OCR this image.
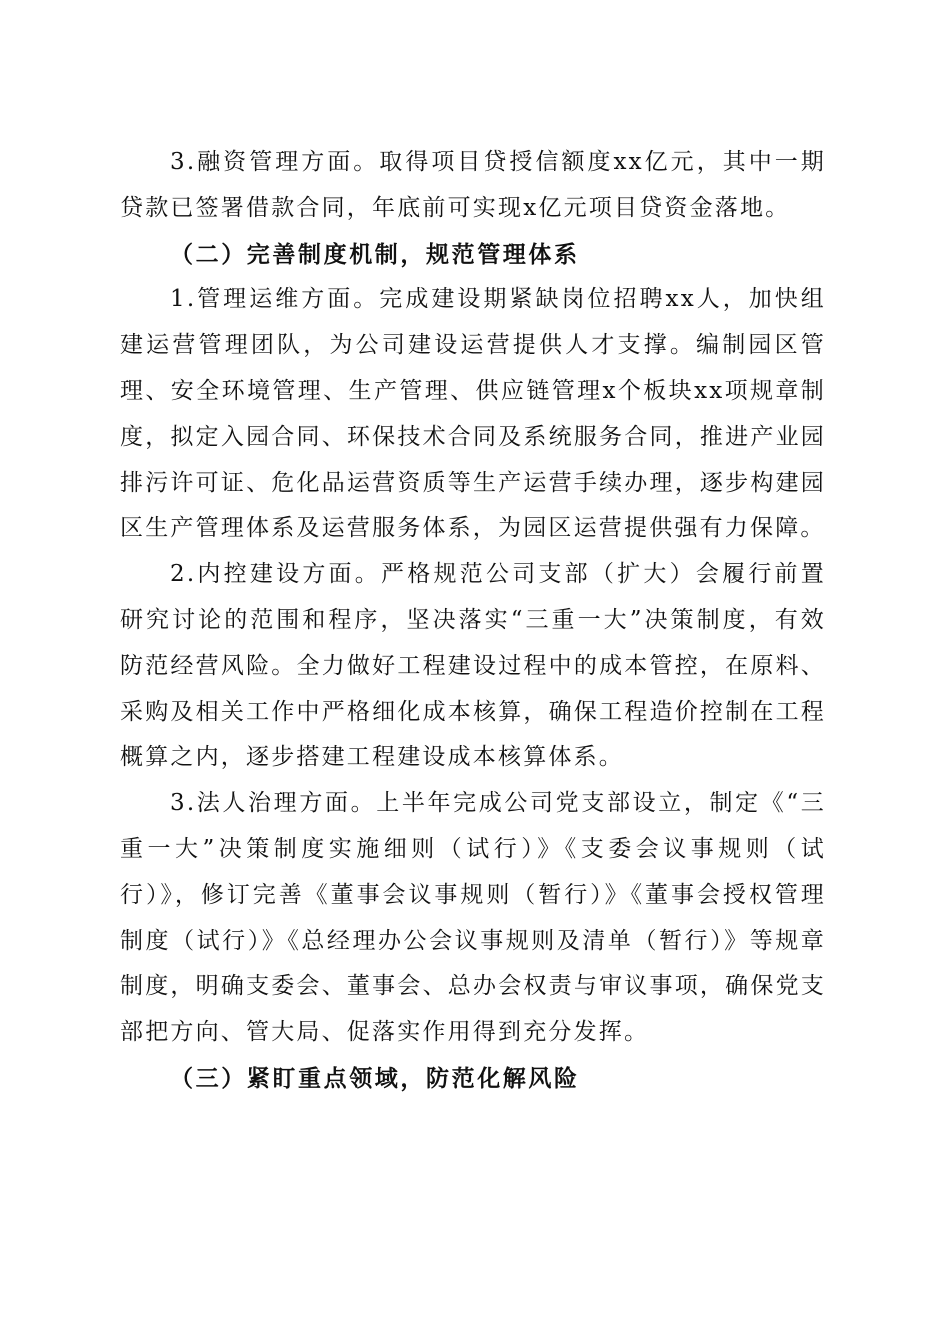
3.融资管理方面。取得项目贷授信额度xx亿元，其中一期贷款已签署借款合同，年底前可实现x亿元项目贷资金落地。

（二）完善制度机制，规范管理体系

1.管理运维方面。完成建设期紧缺岗位招聘xx人，加快组建运营管理团队，为公司建设运营提供人才支撑。编制园区管理、安全环境管理、生产管理、供应链管理x个板块xx项规章制度，拟定入园合同、环保技术合同及系统服务合同，推进产业园排污许可证、危化品运营资质等生产运营手续办理，逐步构建园区生产管理体系及运营服务体系，为园区运营提供强有力保障。

2.内控建设方面。严格规范公司支部（扩大）会履行前置研究讨论的范围和程序，坚决落实“三重一大”决策制度，有效防范经营风险。全力做好工程建设过程中的成本管控，在原料、采购及相关工作中严格细化成本核算，确保工程造价控制在工程概算之内，逐步搭建工程建设成本核算体系。

3.法人治理方面。上半年完成公司党支部设立，制定《“三重一大”决策制度实施细则（试行）》《支委会议事规则（试行）》，修订完善《董事会议事规则（暂行）》《董事会授权管理制度（试行）》《总经理办公会议事规则及清单（暂行）》等规章制度，明确支委会、董事会、总办会权责与审议事项，确保党支部把方向、管大局、促落实作用得到充分发挥。

（三）紧盯重点领域，防范化解风险
